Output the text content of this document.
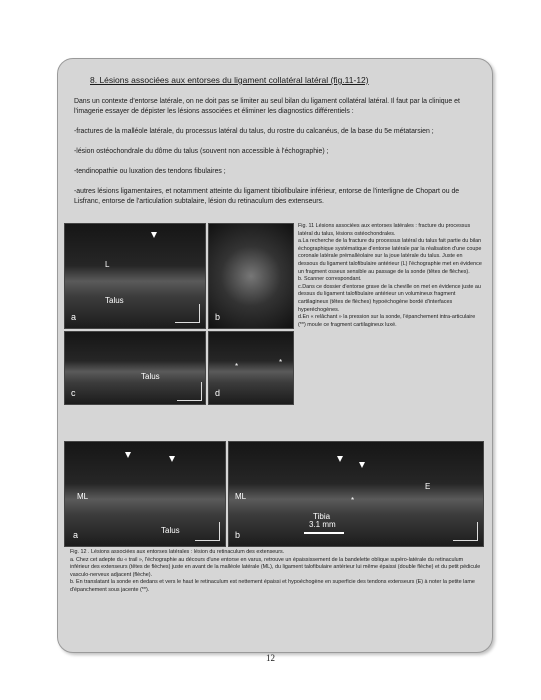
8. Lésions associées aux entorses du ligament collatéral latéral (fig.11-12)
Dans un contexte d'entorse latérale, on ne doit pas se limiter au seul bilan du ligament collatéral latéral. Il faut par la clinique et l'imagerie essayer de dépister les lésions associées et éliminer les diagnostics différentiels :
-fractures de la malléole latérale, du processus latéral du talus, du rostre du calcanéus, de la base du 5e métatarsien ;
-lésion ostéochondrale du dôme du talus (souvent non accessible à l'échographie) ;
-tendinopathie ou luxation des tendons fibulaires ;
-autres lésions ligamentaires, et notamment atteinte du ligament tibiofibulaire inférieur, entorse de l'interligne de Chopart ou de Lisfranc, entorse de l'articulation subtalaire, lésion du retinaculum des extenseurs.
L
Talus
a	b
Talus
c
*	*
d
Fig. 11 Lésions associées aux entorses latérales : fracture du processus latéral du talus, lésions ostéochondrales.
a.La recherche de la fracture du processus latéral du talus fait partie du bilan échographique systématique d'entorse latérale par la réalisation d'une coupe coronale latérale prémalléolaire sur la joue latérale du talus. Juste en dessous du ligament talofibulaire antérieur (L) l'échographie met en évidence un fragment osseux sensible au passage de la sonde (têtes de flèches).
b. Scanner correspondant.
c.Dans ce dossier d'entorse grave de la cheville on met en évidence juste au dessus du ligament talofibulaire antérieur un volumineux fragment cartilagineux (têtes de flèches) hypoéchogène bordé d'interfaces hyperéchogènes.
d.En « relâchant » la pression sur la sonde, l'épanchement intra-articulaire (**) moule ce fragment cartilagineux luxé.
ML
Talus
a
ML
Tibia
E
*
3.1 mm
b
Fig. 12 . Lésions associées aux entorses latérales : lésion du retinaculum des extenseurs.
a. Chez cet adepte du « trail », l'échographie au décours d'une entorse en varus, retrouve un épaississement de la bandelette oblique supéro-latérale du retinaculum inférieur des extenseurs (têtes de flèches) juste en avant de la malléole latérale (ML), du ligament talofibulaire antérieur lui même épaissi (double flèche) et du petit pédicule vasculo-nerveux adjacent (flèche).
b. En translatant la sonde en dedans et vers le haut le retinaculum est nettement épaissi et hypoéchogène en superficie des tendons extenseurs (E) à noter la petite lame d'épanchement sous jacente (**).
12
